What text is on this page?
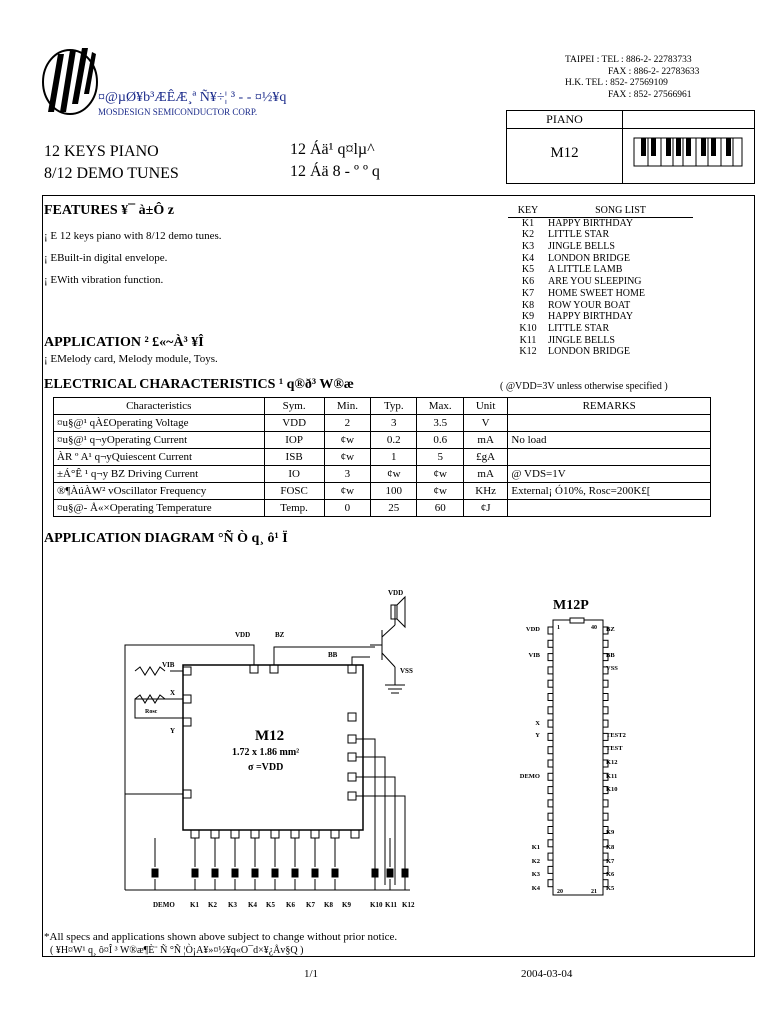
¤@µØ¥b³ÆÊÆ¸ª Ñ¥÷¦ ³ - - ¤½¥q
MOSDESIGN SEMICONDUCTOR CORP.
TAIPEI : TEL : 886-2- 22783733
FAX : 886-2- 22783633
H.K. TEL : 852- 27569109
FAX : 852- 27566961
PIANO
M12
12 KEYS PIANO
8/12 DEMO TUNES
12 Áä¹ q¤lµ^
12 Áä 8 - º º q
FEATURES ¥¯ à±Ô z
¡ E 12 keys piano with 8/12 demo tunes.
¡ EBuilt-in digital envelope.
¡ EWith vibration function.
KEY	SONG LIST
K1	HAPPY BIRTHDAY
K2	LITTLE STAR
K3	JINGLE BELLS
K4	LONDON BRIDGE
K5	A LITTLE LAMB
K6	ARE YOU SLEEPING
K7	HOME SWEET HOME
K8	ROW YOUR BOAT
K9	HAPPY BIRTHDAY
K10	LITTLE STAR
K11	JINGLE BELLS
K12	LONDON BRIDGE
APPLICATION ² £«~À³ ¥Î
¡ EMelody card, Melody module, Toys.
ELECTRICAL CHARACTERISTICS ¹ q®ð³ W®æ	( @VDD=3V unless otherwise specified )
Characteristics	Sym.	Min.	Typ.	Max.	Unit	REMARKS
¤u§@¹ qÀ£Operating Voltage	VDD	2	3	3.5	V	
¤u§@¹ q¬yOperating Current	IOP	¢w	0.2	0.6	mA	No load
ÀR º A¹ q¬yQuiescent Current	ISB	¢w	1	5	£gA	
±Á°Ê ¹ q¬y BZ Driving Current	IO	3	¢w	¢w	mA	@ VDS=1V
®¶ÀúÀW² vOscillator Frequency	FOSC	¢w	100	¢w	KHz	External¡ Ó10%, Rosc=200K£[
¤u§@- Å«×Operating Temperature	Temp.	0	25	60	¢J	
APPLICATION DIAGRAM °Ñ Ò q¸ ô¹ Ï
VDD
VDD	BZ
BB
VSS
VIB
X
Rosc
Y	M12
1.72 x 1.86 mm²
σ =VDD
DEMO K1 K2 K3 K4 K5 K6 K7 K8 K9	K10 K11 K12
M12P
1	40
20	21
VDD
VIB
X
Y
DEMO
K1
K2
K3
K4
BZ
BB
VSS
TEST2
TEST
K12
K11
K10
K9
K8
K7
K6
K5
*All specs and applications shown above subject to change without prior notice.
( ¥H¤W¹ q¸ ô¤Î ³ W®æ¶È¨ Ñ °Ñ ¦Ò¡A¥»¤½¥q«O¯d×¥¿Åv§Q )
1/1	2004-03-04
